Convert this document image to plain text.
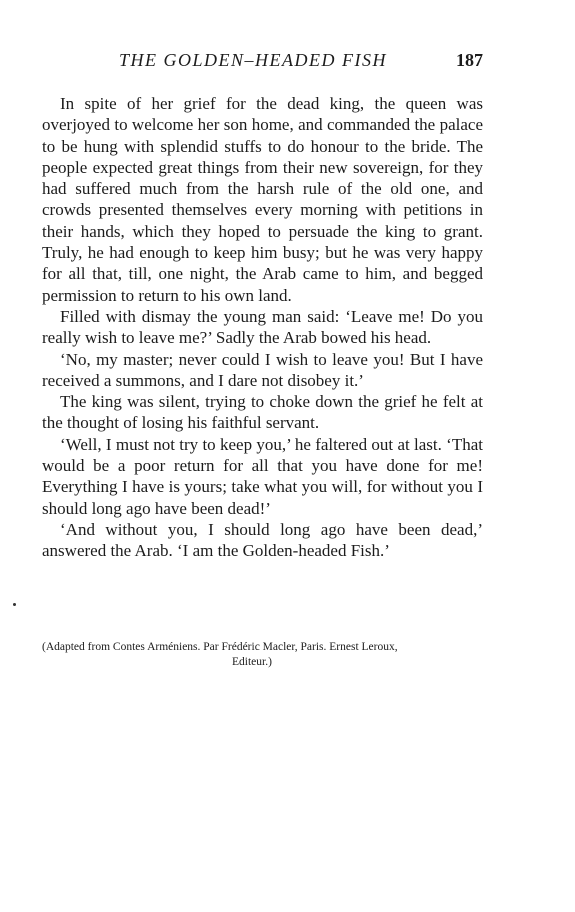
THE GOLDEN–HEADED FISH	187

In spite of her grief for the dead king, the queen was overjoyed to welcome her son home, and commanded the palace to be hung with splendid stuffs to do honour to the bride. The people expected great things from their new sovereign, for they had suffered much from the harsh rule of the old one, and crowds presented themselves every morning with petitions in their hands, which they hoped to persuade the king to grant. Truly, he had enough to keep him busy; but he was very happy for all that, till, one night, the Arab came to him, and begged permission to return to his own land.

Filled with dismay the young man said: ‘Leave me! Do you really wish to leave me?’ Sadly the Arab bowed his head.

‘No, my master; never could I wish to leave you! But I have received a summons, and I dare not disobey it.’

The king was silent, trying to choke down the grief he felt at the thought of losing his faithful servant.

‘Well, I must not try to keep you,’ he faltered out at last. ‘That would be a poor return for all that you have done for me! Everything I have is yours; take what you will, for without you I should long ago have been dead!’

‘And without you, I should long ago have been dead,’ answered the Arab. ‘I am the Golden-headed Fish.’

(Adapted from Contes Arméniens. Par Frédéric Macler, Paris. Ernest Leroux,
Editeur.)
